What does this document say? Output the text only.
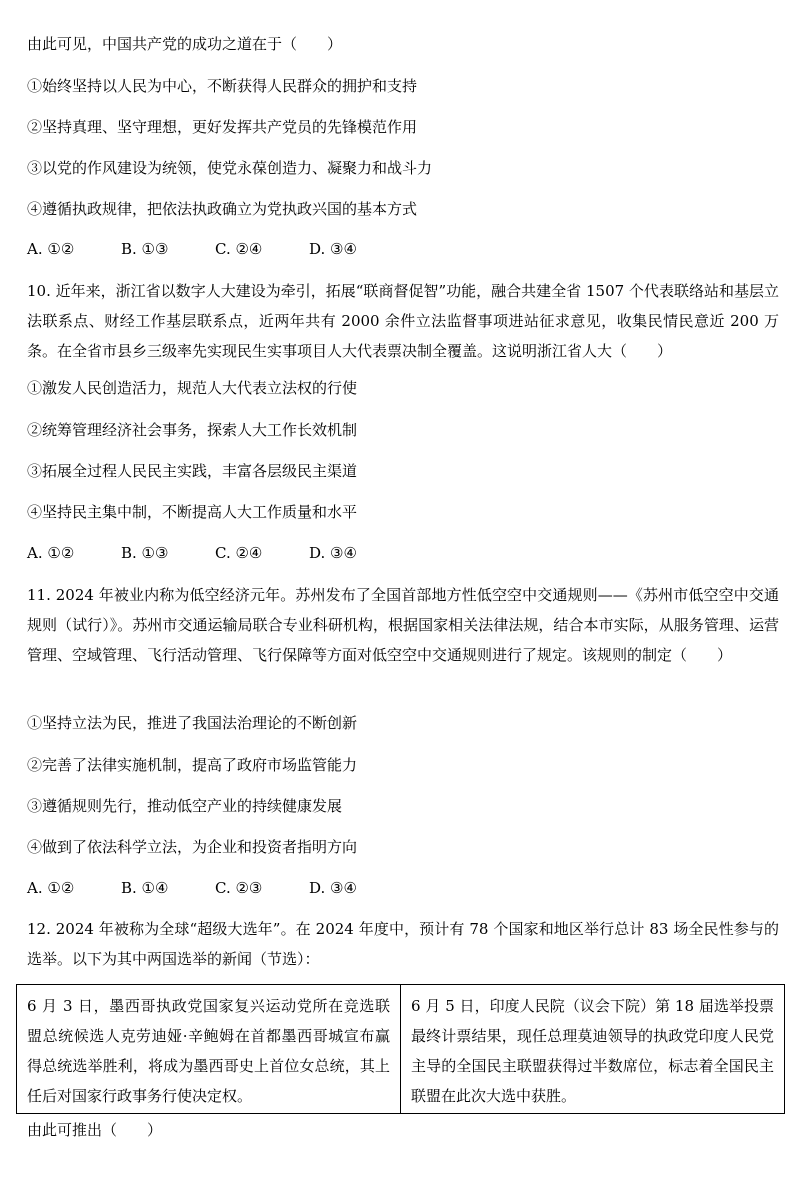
由此可见，中国共产党的成功之道在于（　　）
①始终坚持以人民为中心，不断获得人民群众的拥护和支持
②坚持真理、坚守理想，更好发挥共产党员的先锋模范作用
③以党的作风建设为统领，使党永葆创造力、凝聚力和战斗力
④遵循执政规律，把依法执政确立为党执政兴国的基本方式
A. ①②	B. ①③	C. ②④	D. ③④
10. 近年来，浙江省以数字人大建设为牵引，拓展“联商督促智”功能，融合共建全省 1507 个代表联络站和基层立法联系点、财经工作基层联系点，近两年共有 2000 余件立法监督事项进站征求意见，收集民情民意近 200 万条。在全省市县乡三级率先实现民生实事项目人大代表票决制全覆盖。这说明浙江省人大（　　）
①激发人民创造活力，规范人大代表立法权的行使
②统筹管理经济社会事务，探索人大工作长效机制
③拓展全过程人民民主实践，丰富各层级民主渠道
④坚持民主集中制，不断提高人大工作质量和水平
A. ①②	B. ①③	C. ②④	D. ③④
11. 2024 年被业内称为低空经济元年。苏州发布了全国首部地方性低空空中交通规则——《苏州市低空空中交通规则（试行）》。苏州市交通运输局联合专业科研机构，根据国家相关法律法规，结合本市实际，从服务管理、运营管理、空域管理、飞行活动管理、飞行保障等方面对低空空中交通规则进行了规定。该规则的制定（　　）
①坚持立法为民，推进了我国法治理论的不断创新
②完善了法律实施机制，提高了政府市场监管能力
③遵循规则先行，推动低空产业的持续健康发展
④做到了依法科学立法，为企业和投资者指明方向
A. ①②	B. ①④	C. ②③	D. ③④
12. 2024 年被称为全球“超级大选年”。在 2024 年度中，预计有 78 个国家和地区举行总计 83 场全民性参与的选举。以下为其中两国选举的新闻（节选）：
6 月 3 日，墨西哥执政党国家复兴运动党所在竞选联盟总统候选人克劳迪娅·辛鲍姆在首都墨西哥城宣布赢得总统选举胜利，将成为墨西哥史上首位女总统，其上任后对国家行政事务行使决定权。
6 月 5 日，印度人民院（议会下院）第 18 届选举投票最终计票结果，现任总理莫迪领导的执政党印度人民党主导的全国民主联盟获得过半数席位，标志着全国民主联盟在此次大选中获胜。
由此可推出（　　）
